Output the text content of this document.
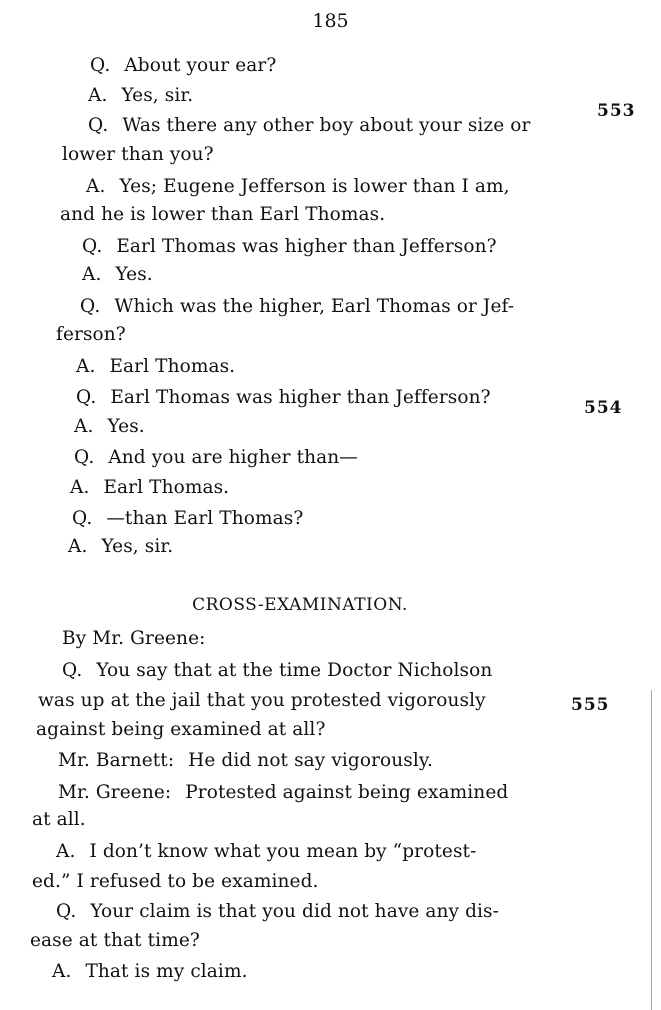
185
Q. About your ear?
A. Yes, sir.
Q. Was there any other boy about your size or
lower than you?
A. Yes; Eugene Jefferson is lower than I am,
and he is lower than Earl Thomas.
Q. Earl Thomas was higher than Jefferson?
A. Yes.
Q. Which was the higher, Earl Thomas or Jef-
ferson?
A. Earl Thomas.
Q. Earl Thomas was higher than Jefferson?
A. Yes.
Q. And you are higher than—
A. Earl Thomas.
Q. —than Earl Thomas?
A. Yes, sir.
553
554
555
CROSS-EXAMINATION.
By Mr. Greene:
Q. You say that at the time Doctor Nicholson
was up at the jail that you protested vigorously
against being examined at all?
Mr. Barnett: He did not say vigorously.
Mr. Greene: Protested against being examined
at all.
A. I don’t know what you mean by “protest-
ed.” I refused to be examined.
Q. Your claim is that you did not have any dis-
ease at that time?
A. That is my claim.
